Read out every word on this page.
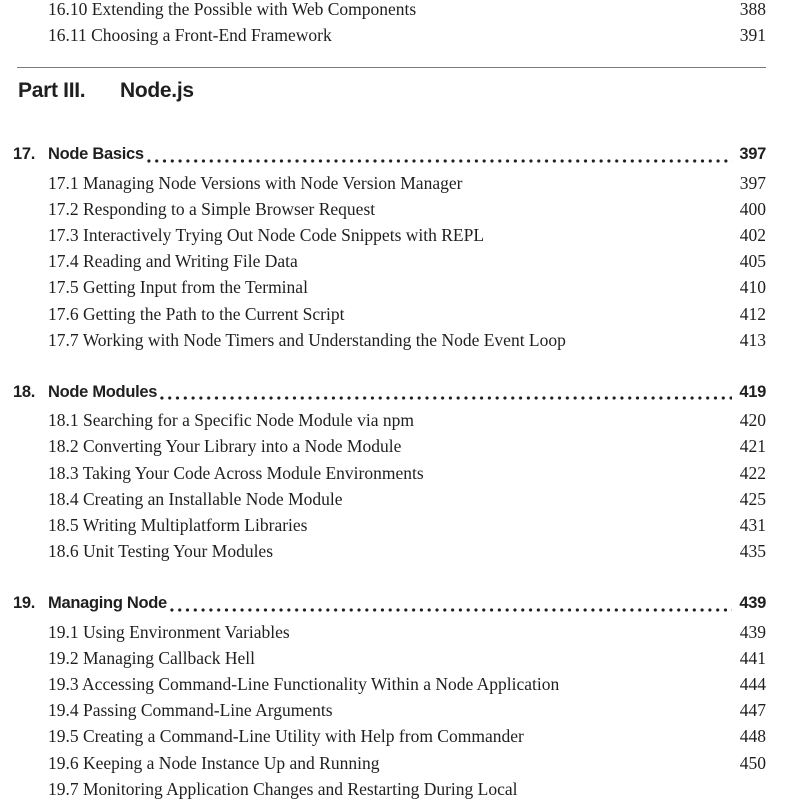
16.10 Extending the Possible with Web Components	388
16.11 Choosing a Front-End Framework	391
Part III.	Node.js
17. Node Basics	397
17.1 Managing Node Versions with Node Version Manager	397
17.2 Responding to a Simple Browser Request	400
17.3 Interactively Trying Out Node Code Snippets with REPL	402
17.4 Reading and Writing File Data	405
17.5 Getting Input from the Terminal	410
17.6 Getting the Path to the Current Script	412
17.7 Working with Node Timers and Understanding the Node Event Loop	413
18. Node Modules	419
18.1 Searching for a Specific Node Module via npm	420
18.2 Converting Your Library into a Node Module	421
18.3 Taking Your Code Across Module Environments	422
18.4 Creating an Installable Node Module	425
18.5 Writing Multiplatform Libraries	431
18.6 Unit Testing Your Modules	435
19. Managing Node	439
19.1 Using Environment Variables	439
19.2 Managing Callback Hell	441
19.3 Accessing Command-Line Functionality Within a Node Application	444
19.4 Passing Command-Line Arguments	447
19.5 Creating a Command-Line Utility with Help from Commander	448
19.6 Keeping a Node Instance Up and Running	450
19.7 Monitoring Application Changes and Restarting During Local
